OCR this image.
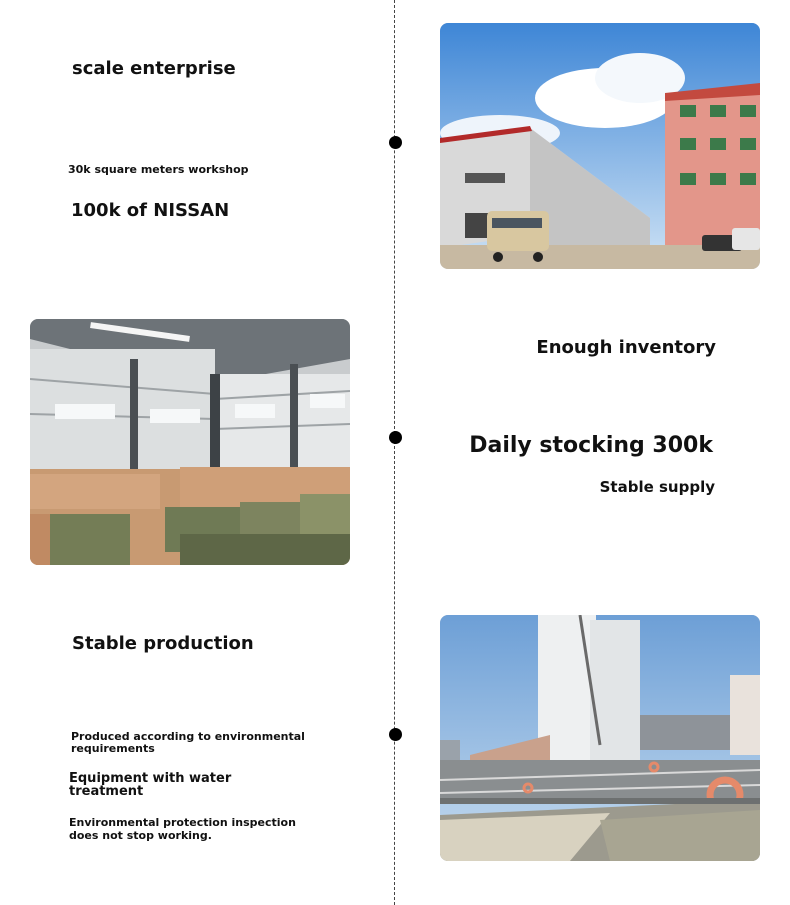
scale enterprise
30k square meters workshop
100k of NISSAN
Enough inventory
Daily stocking 300k
Stable supply
Stable production
Produced according to environmental
requirements
Equipment with water
treatment
Environmental protection inspection
does not stop working.
